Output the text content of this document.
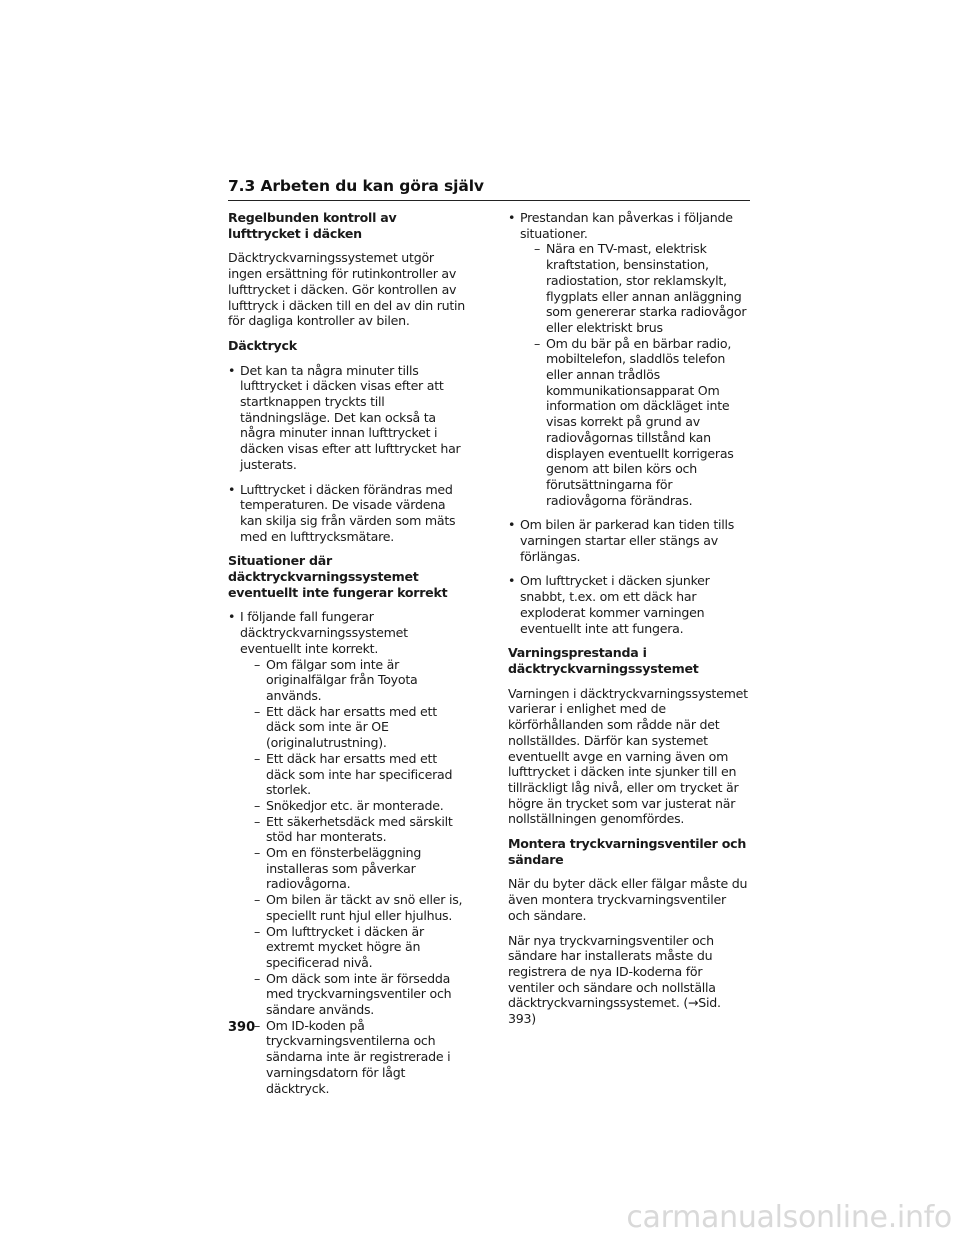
7.3 Arbeten du kan göra själv
Regelbunden kontroll av lufttrycket i däcken
Däcktryckvarningssystemet utgör ingen ersättning för rutinkontroller av lufttrycket i däcken. Gör kontrollen av lufttryck i däcken till en del av din rutin för dagliga kontroller av bilen.
Däcktryck
• Det kan ta några minuter tills lufttrycket i däcken visas efter att startknappen tryckts till tändningsläge. Det kan också ta några minuter innan lufttrycket i däcken visas efter att lufttrycket har justerats.
• Lufttrycket i däcken förändras med temperaturen. De visade värdena kan skilja sig från värden som mäts med en lufttrycksmätare.
Situationer där däcktryckvarningssystemet eventuellt inte fungerar korrekt
• I följande fall fungerar däcktryckvarningssystemet eventuellt inte korrekt.
– Om fälgar som inte är originalfälgar från Toyota används.
– Ett däck har ersatts med ett däck som inte är OE (originalutrustning).
– Ett däck har ersatts med ett däck som inte har specificerad storlek.
– Snökedjor etc. är monterade.
– Ett säkerhetsdäck med särskilt stöd har monterats.
– Om en fönsterbeläggning installeras som påverkar radiovågorna.
– Om bilen är täckt av snö eller is, speciellt runt hjul eller hjulhus.
– Om lufttrycket i däcken är extremt mycket högre än specificerad nivå.
– Om däck som inte är försedda med tryckvarningsventiler och sändare används.
– Om ID-koden på tryckvarningsventilerna och sändarna inte är registrerade i varningsdatorn för lågt däcktryck.
• Prestandan kan påverkas i följande situationer.
– Nära en TV-mast, elektrisk kraftstation, bensinstation, radiostation, stor reklamskylt, flygplats eller annan anläggning som genererar starka radiovågor eller elektriskt brus
– Om du bär på en bärbar radio, mobiltelefon, sladdlös telefon eller annan trådlös kommunikationsapparat Om information om däckläget inte visas korrekt på grund av radiovågornas tillstånd kan displayen eventuellt korrigeras genom att bilen körs och förutsättningarna för radiovågorna förändras.
• Om bilen är parkerad kan tiden tills varningen startar eller stängs av förlängas.
• Om lufttrycket i däcken sjunker snabbt, t.ex. om ett däck har exploderat kommer varningen eventuellt inte att fungera.
Varningsprestanda i däcktryckvarningssystemet
Varningen i däcktryckvarningssystemet varierar i enlighet med de körförhållanden som rådde när det nollställdes. Därför kan systemet eventuellt avge en varning även om lufttrycket i däcken inte sjunker till en tillräckligt låg nivå, eller om trycket är högre än trycket som var justerat när nollställningen genomfördes.
Montera tryckvarningsventiler och sändare
När du byter däck eller fälgar måste du även montera tryckvarningsventiler och sändare.
När nya tryckvarningsventiler och sändare har installerats måste du registrera de nya ID-koderna för ventiler och sändare och nollställa däcktryckvarningssystemet. (→Sid. 393)
390
carmanualsonline.info
